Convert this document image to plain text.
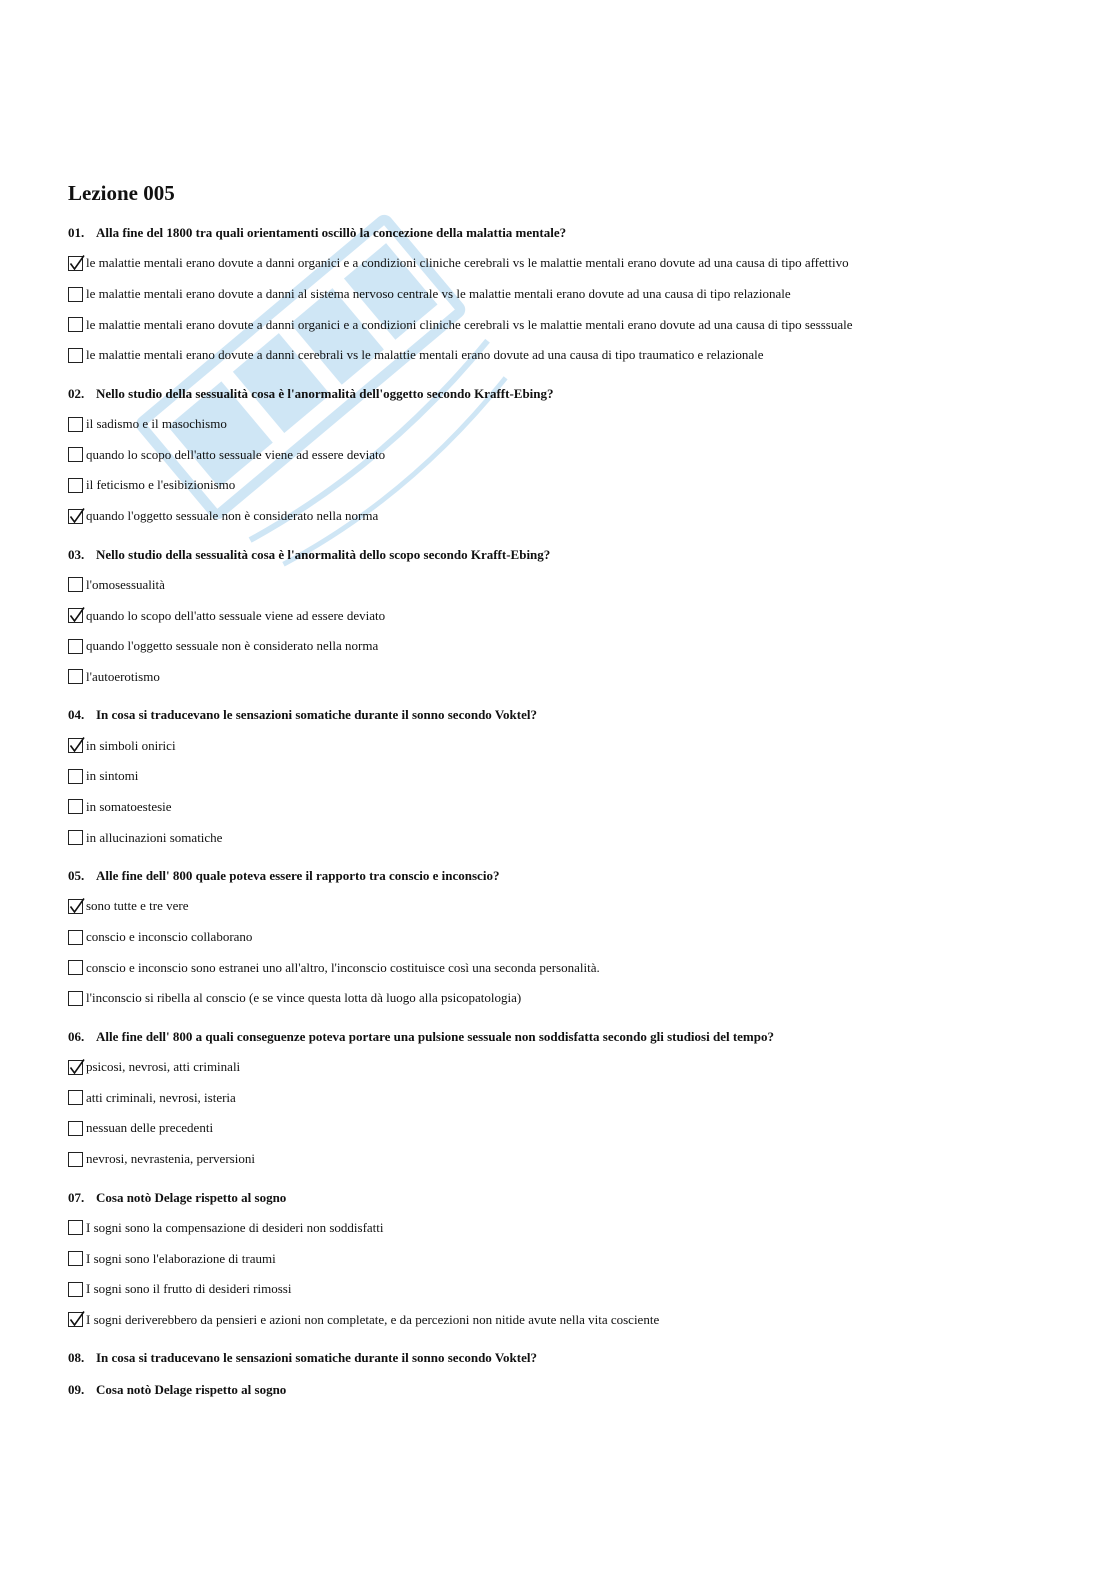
Lezione 005
01. Alla fine del 1800 tra quali orientamenti oscillò la concezione della malattia mentale?
le malattie mentali erano dovute a danni organici e a condizioni cliniche cerebrali vs le malattie mentali erano dovute ad una causa di tipo affettivo
le malattie mentali erano dovute a danni al sistema nervoso centrale vs le malattie mentali erano dovute ad una causa di tipo relazionale
le malattie mentali erano dovute a danni organici e a condizioni cliniche cerebrali vs le malattie mentali erano dovute ad una causa di tipo sesssuale
le malattie mentali erano dovute a danni cerebrali vs le malattie mentali erano dovute ad una causa di tipo traumatico e relazionale
02. Nello studio della sessualità cosa è l'anormalità dell'oggetto secondo Krafft-Ebing?
il sadismo e il masochismo
quando lo scopo dell'atto sessuale viene ad essere deviato
il feticismo e l'esibizionismo
quando l'oggetto sessuale non è considerato nella norma
03. Nello studio della sessualità cosa è l'anormalità dello scopo secondo Krafft-Ebing?
l'omosessualità
quando lo scopo dell'atto sessuale viene ad essere deviato
quando l'oggetto sessuale non è considerato nella norma
l'autoerotismo
04. In cosa si traducevano le sensazioni somatiche durante il sonno secondo Voktel?
in simboli onirici
in sintomi
in somatoestesie
in allucinazioni somatiche
05. Alle fine dell' 800 quale poteva essere il rapporto tra conscio e inconscio?
sono tutte e tre vere
conscio e inconscio collaborano
conscio e inconscio sono estranei uno all'altro, l'inconscio costituisce così una seconda personalità.
l'inconscio si ribella al conscio (e se vince questa lotta dà luogo alla psicopatologia)
06. Alle fine dell' 800 a quali conseguenze poteva portare una pulsione sessuale non soddisfatta secondo gli studiosi del tempo?
psicosi, nevrosi, atti criminali
atti criminali, nevrosi, isteria
nessuan delle precedenti
nevrosi, nevrastenia, perversioni
07. Cosa notò Delage rispetto al sogno
I sogni sono la compensazione di desideri non soddisfatti
I sogni sono l'elaborazione di traumi
I sogni sono il frutto di desideri rimossi
I sogni deriverebbero da pensieri e azioni non completate, e da percezioni non nitide avute nella vita cosciente
08. In cosa si traducevano le sensazioni somatiche durante il sonno secondo Voktel?
09. Cosa notò Delage rispetto al sogno
